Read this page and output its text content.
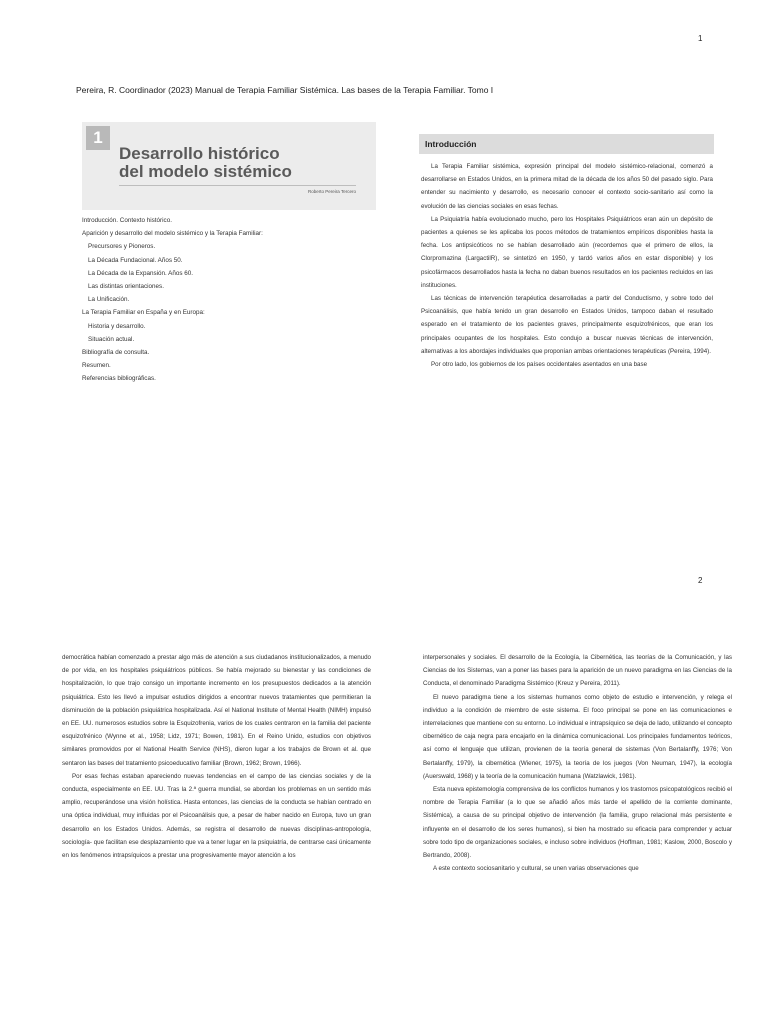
1
Pereira, R. Coordinador (2023) Manual de Terapia Familiar Sistémica. Las bases de la Terapia Familiar. Tomo I
1
Desarrollo histórico
del modelo sistémico
Roberto Pereira Tercero
Introducción. Contexto histórico.
Aparición y desarrollo del modelo sistémico y la Terapia Familiar:
Precursores y Pioneros.
La Década Fundacional. Años 50.
La Década de la Expansión. Años 60.
Las distintas orientaciones.
La Unificación.
La Terapia Familiar en España y en Europa:
Historia y desarrollo.
Situación actual.
Bibliografía de consulta.
Resumen.
Referencias bibliográficas.
Introducción

La Terapia Familiar sistémica, expresión principal del modelo sistémico-relacional, comenzó a desarrollarse en Estados Unidos, en la primera mitad de la década de los años 50 del pasado siglo. Para entender su nacimiento y desarrollo, es necesario conocer el contexto socio-sanitario así como la evolución de las ciencias sociales en esas fechas.

La Psiquiatría había evolucionado mucho, pero los Hospitales Psiquiátricos eran aún un depósito de pacientes a quienes se les aplicaba los pocos métodos de tratamientos empíricos disponibles hasta la fecha. Los antipsicóticos no se habían desarrollado aún (recordemos que el primero de ellos, la Clorpromazina (LargactilR), se sintetizó en 1950, y tardó varios años en estar disponible) y los psicofármacos desarrollados hasta la fecha no daban buenos resultados en los pacientes recluidos en las instituciones.

Las técnicas de intervención terapéutica desarrolladas a partir del Conductismo, y sobre todo del Psicoanálisis, que había tenido un gran desarrollo en Estados Unidos, tampoco daban el resultado esperado en el tratamiento de los pacientes graves, principalmente esquizofrénicos, que eran los principales ocupantes de los hospitales. Esto condujo a buscar nuevas técnicas de intervención, alternativas a los abordajes individuales que proponían ambas orientaciones terapéuticas (Pereira, 1994).

Por otro lado, los gobiernos de los países occidentales asentados en una base

2

democrática habían comenzado a prestar algo más de atención a sus ciudadanos institucionalizados, a menudo de por vida, en los hospitales psiquiátricos públicos. Se había mejorado su bienestar y las condiciones de hospitalización, lo que trajo consigo un importante incremento en los presupuestos dedicados a la atención psiquiátrica. Esto les llevó a impulsar estudios dirigidos a encontrar nuevos tratamientes que permitieran la disminución de la población psiquiátrica hospitalizada. Así el National Institute of Mental Health (NIMH) impulsó en EE. UU. numerosos estudios sobre la Esquizofrenia, varios de los cuales centraron en la familia del paciente esquizofrénico (Wynne et al., 1958; Lidz, 1971; Bowen, 1981). En el Reino Unido, estudios con objetivos similares promovidos por el National Health Service (NHS), dieron lugar a los trabajos de Brown et al. que sentaron las bases del tratamiento psicoeducativo familiar (Brown, 1962; Brown, 1966).

Por esas fechas estaban apareciendo nuevas tendencias en el campo de las ciencias sociales y de la conducta, especialmente en EE. UU. Tras la 2.ª guerra mundial, se abordan los problemas en un sentido más amplio, recuperándose una visión holística. Hasta entonces, las ciencias de la conducta se habían centrado en una óptica individual, muy influidas por el Psicoanálisis que, a pesar de haber nacido en Europa, tuvo un gran desarrollo en los Estados Unidos. Además, se registra el desarrollo de nuevas disciplinas-antropología, sociología- que facilitan ese desplazamiento que va a tener lugar en la psiquiatría, de centrarse casi únicamente en los fenómenos intrapsíquicos a prestar una progresivamente mayor atención a los

interpersonales y sociales. El desarrollo de la Ecología, la Cibernética, las teorías de la Comunicación, y las Ciencias de los Sistemas, van a poner las bases para la aparición de un nuevo paradigma en las Ciencias de la Conducta, el denominado Paradigma Sistémico (Kreuz y Pereira, 2011).

El nuevo paradigma tiene a los sistemas humanos como objeto de estudio e intervención, y relega el individuo a la condición de miembro de este sistema. El foco principal se pone en las comunicaciones e interrelaciones que mantiene con su entorno. Lo individual e intrapsíquico se deja de lado, utilizando el concepto cibernético de caja negra para encajarlo en la dinámica comunicacional. Los principales fundamentos teóricos, así como el lenguaje que utilizan, provienen de la teoría general de sistemas (Von Bertalanffy, 1976; Von Bertalanffy, 1979), la cibernética (Wiener, 1975), la teoría de los juegos (Von Neuman, 1947), la ecología (Auerswald, 1968) y la teoría de la comunicación humana (Watzlawick, 1981).

Esta nueva epistemología comprensiva de los conflictos humanos y los trastornos psicopatológicos recibió el nombre de Terapia Familiar (a lo que se añadió años más tarde el apellido de la corriente dominante, Sistémica), a causa de su principal objetivo de intervención (la familia, grupo relacional más persistente e influyente en el desarrollo de los seres humanos), si bien ha mostrado su eficacia para comprender y actuar sobre todo tipo de organizaciones sociales, e incluso sobre individuos (Hoffman, 1981; Kaslow, 2000, Boscolo y Bertrando, 2008).

A este contexto sociosanitario y cultural, se unen varias observaciones que
